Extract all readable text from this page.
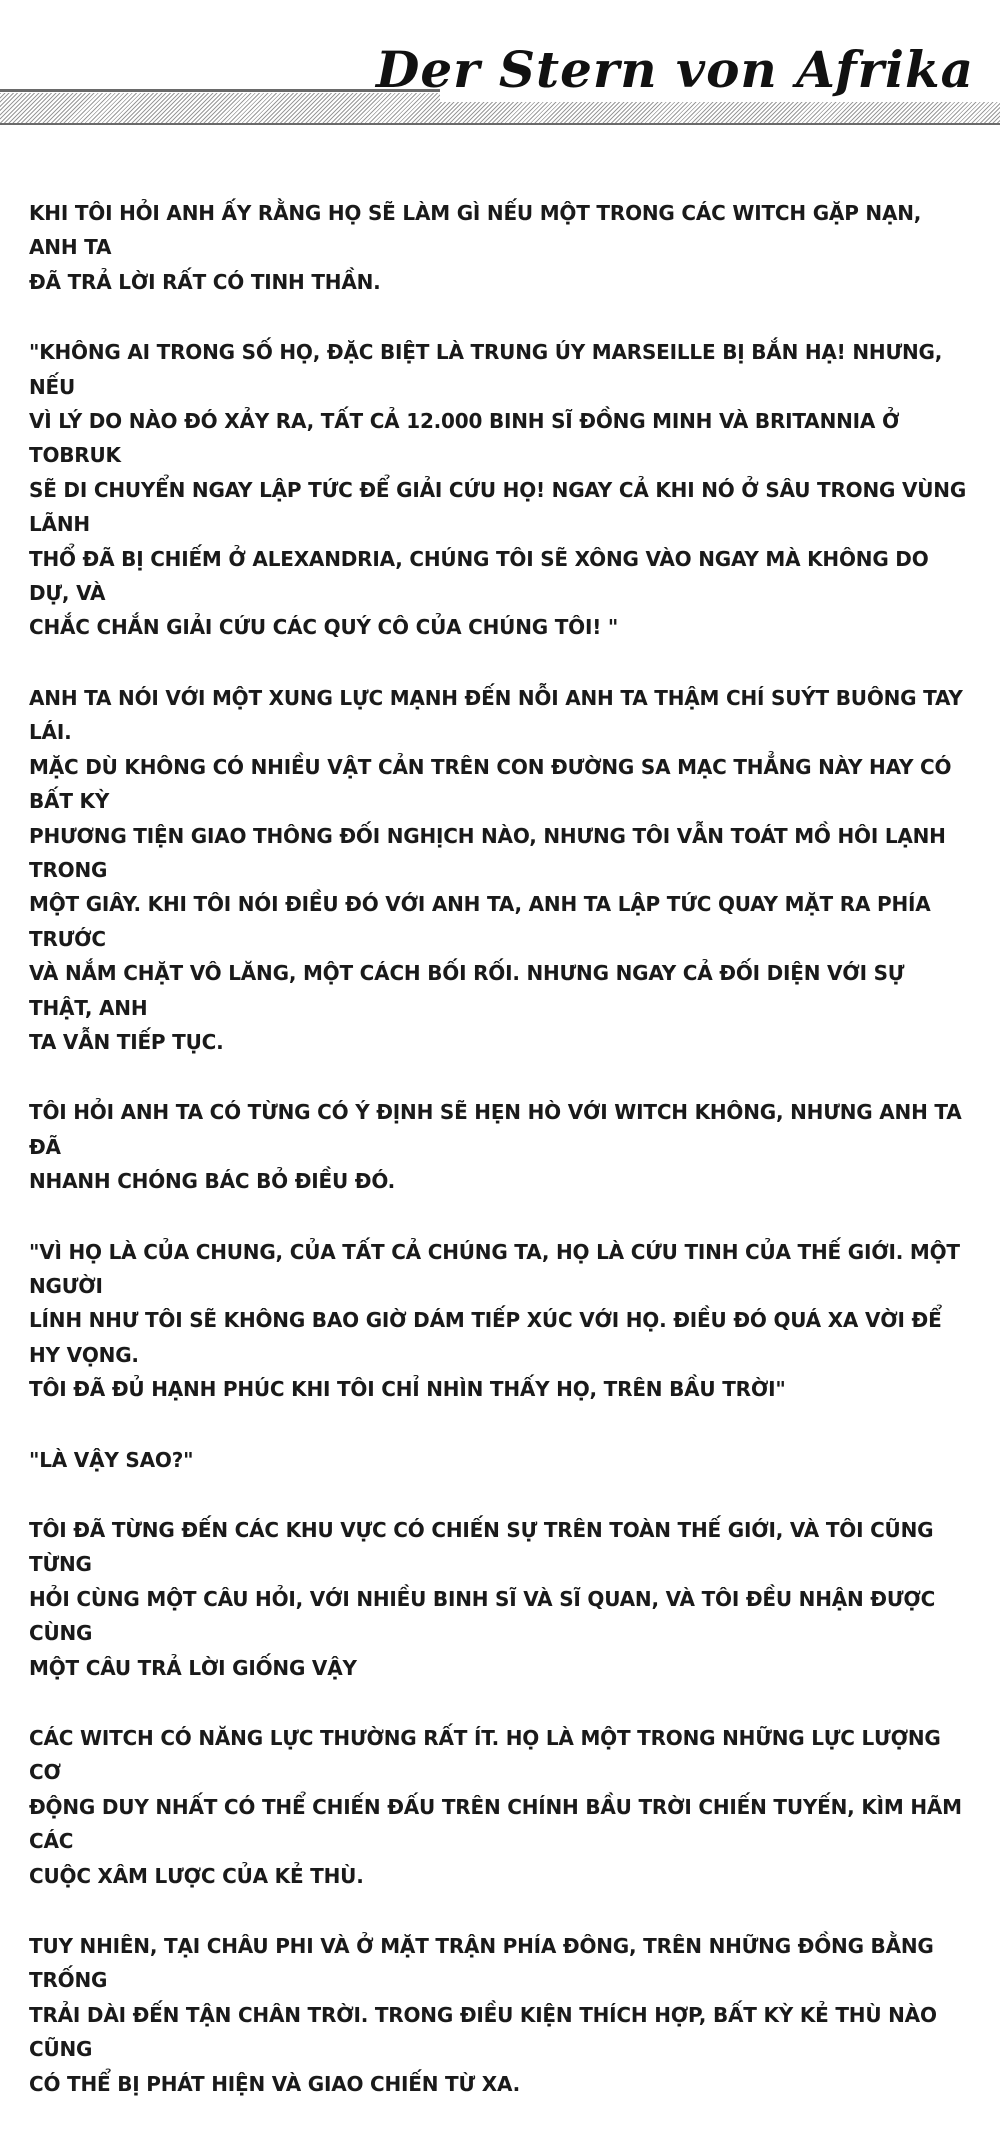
Der Stern von Afrika

KHI TÔI HỎI ANH ẤY RẰNG HỌ SẼ LÀM GÌ NẾU MỘT TRONG CÁC WITCH GẶP NẠN, ANH TA
ĐÃ TRẢ LỜI RẤT CÓ TINH THẦN.

"KHÔNG AI TRONG SỐ HỌ, ĐẶC BIỆT LÀ TRUNG ÚY MARSEILLE BỊ BẮN HẠ! NHƯNG, NẾU
VÌ LÝ DO NÀO ĐÓ XẢY RA, TẤT CẢ 12.000 BINH SĨ ĐỒNG MINH VÀ BRITANNIA Ở TOBRUK
SẼ DI CHUYỂN NGAY LẬP TỨC ĐỂ GIẢI CỨU HỌ! NGAY CẢ KHI NÓ Ở SÂU TRONG VÙNG LÃNH
THỔ ĐÃ BỊ CHIẾM Ở ALEXANDRIA, CHÚNG TÔI SẼ XÔNG VÀO NGAY MÀ KHÔNG DO DỰ, VÀ
CHẮC CHẮN GIẢI CỨU CÁC QUÝ CÔ CỦA CHÚNG TÔI! "

ANH TA NÓI VỚI MỘT XUNG LỰC MẠNH ĐẾN NỖI ANH TA THẬM CHÍ SUÝT BUÔNG TAY LÁI.
MẶC DÙ KHÔNG CÓ NHIỀU VẬT CẢN TRÊN CON ĐƯỜNG SA MẠC THẲNG NÀY HAY CÓ BẤT KỲ
PHƯƠNG TIỆN GIAO THÔNG ĐỐI NGHỊCH NÀO, NHƯNG TÔI VẪN TOÁT MỒ HÔI LẠNH TRONG
MỘT GIÂY. KHI TÔI NÓI ĐIỀU ĐÓ VỚI ANH TA, ANH TA LẬP TỨC QUAY MẶT RA PHÍA TRƯỚC
VÀ NẮM CHẶT VÔ LĂNG, MỘT CÁCH BỐI RỐI. NHƯNG NGAY CẢ ĐỐI DIỆN VỚI SỰ THẬT, ANH
TA VẪN TIẾP TỤC.

TÔI HỎI ANH TA CÓ TỪNG CÓ Ý ĐỊNH SẼ HẸN HÒ VỚI WITCH KHÔNG, NHƯNG ANH TA ĐÃ
NHANH CHÓNG BÁC BỎ ĐIỀU ĐÓ.

"VÌ HỌ LÀ CỦA CHUNG, CỦA TẤT CẢ CHÚNG TA, HỌ LÀ CỨU TINH CỦA THẾ GIỚI. MỘT NGƯỜI
LÍNH NHƯ TÔI SẼ KHÔNG BAO GIỜ DÁM TIẾP XÚC VỚI HỌ. ĐIỀU ĐÓ QUÁ XA VỜI ĐỂ HY VỌNG.
TÔI ĐÃ ĐỦ HẠNH PHÚC KHI TÔI CHỈ NHÌN THẤY HỌ, TRÊN BẦU TRỜI"

"LÀ VẬY SAO?"

TÔI ĐÃ TỪNG ĐẾN CÁC KHU VỰC CÓ CHIẾN SỰ TRÊN TOÀN THẾ GIỚI, VÀ TÔI CŨNG TỪNG
HỎI CÙNG MỘT CÂU HỎI, VỚI NHIỀU BINH SĨ VÀ SĨ QUAN, VÀ TÔI ĐỀU NHẬN ĐƯỢC CÙNG
MỘT CÂU TRẢ LỜI GIỐNG VẬY

CÁC WITCH CÓ NĂNG LỰC THƯỜNG RẤT ÍT. HỌ LÀ MỘT TRONG NHỮNG LỰC LƯỢNG CƠ
ĐỘNG DUY NHẤT CÓ THỂ CHIẾN ĐẤU TRÊN CHÍNH BẦU TRỜI CHIẾN TUYẾN, KÌM HÃM CÁC
CUỘC XÂM LƯỢC CỦA KẺ THÙ.

TUY NHIÊN, TẠI CHÂU PHI VÀ Ở MẶT TRẬN PHÍA ĐÔNG, TRÊN NHỮNG ĐỒNG BẰNG TRỐNG
TRẢI DÀI ĐẾN TẬN CHÂN TRỜI. TRONG ĐIỀU KIỆN THÍCH HỢP, BẤT KỲ KẺ THÙ NÀO CŨNG
CÓ THỂ BỊ PHÁT HIỆN VÀ GIAO CHIẾN TỪ XA.
